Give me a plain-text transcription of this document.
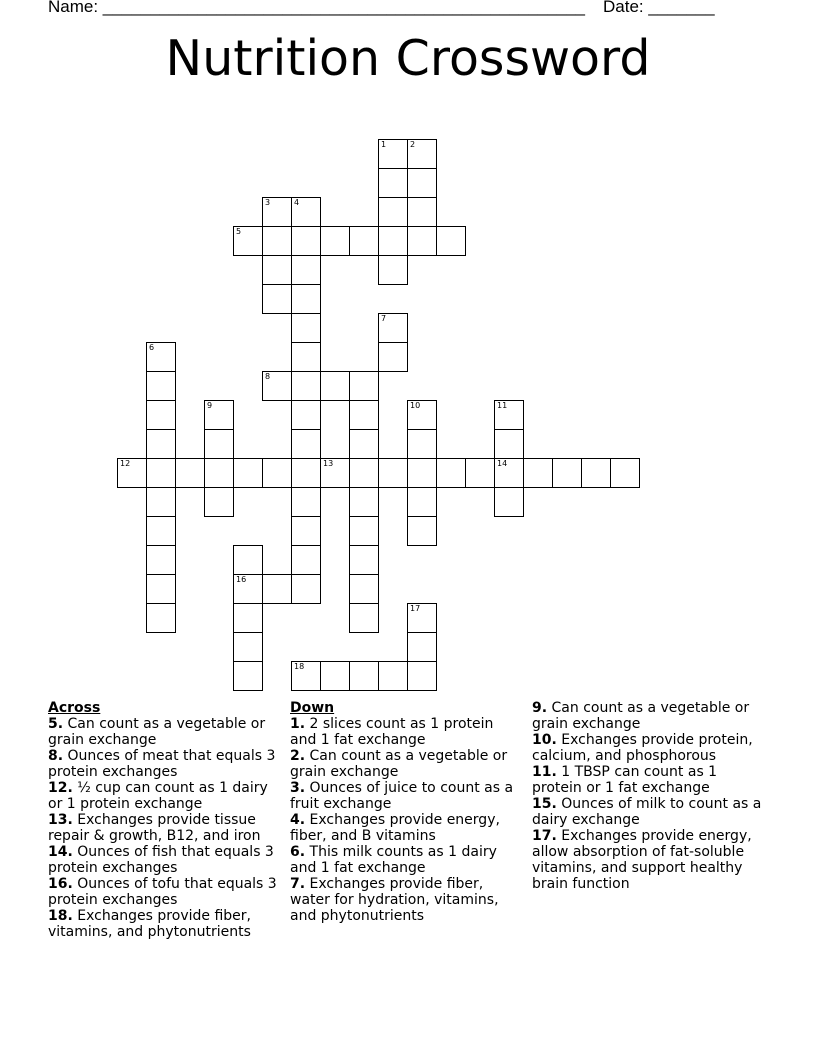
Name: ___________________________________________________ Date: _______
Nutrition Crossword
1	2
3	4
5
7
6
8
9	10	11
12	13	14
16
17
18
Across
5. Can count as a vegetable or grain exchange
8. Ounces of meat that equals 3 protein exchanges
12. ½ cup can count as 1 dairy or 1 protein exchange
13. Exchanges provide tissue repair & growth, B12, and iron
14. Ounces of fish that equals 3 protein exchanges
16. Ounces of tofu that equals 3 protein exchanges
18. Exchanges provide fiber, vitamins, and phytonutrients
Down
1. 2 slices count as 1 protein and 1 fat exchange
2. Can count as a vegetable or grain exchange
3. Ounces of juice to count as a fruit exchange
4. Exchanges provide energy, fiber, and B vitamins
6. This milk counts as 1 dairy and 1 fat exchange
7. Exchanges provide fiber, water for hydration, vitamins, and phytonutrients
9. Can count as a vegetable or grain exchange
10. Exchanges provide protein, calcium, and phosphorous
11. 1 TBSP can count as 1 protein or 1 fat exchange
15. Ounces of milk to count as a dairy exchange
17. Exchanges provide energy, allow absorption of fat-soluble vitamins, and support healthy brain function
